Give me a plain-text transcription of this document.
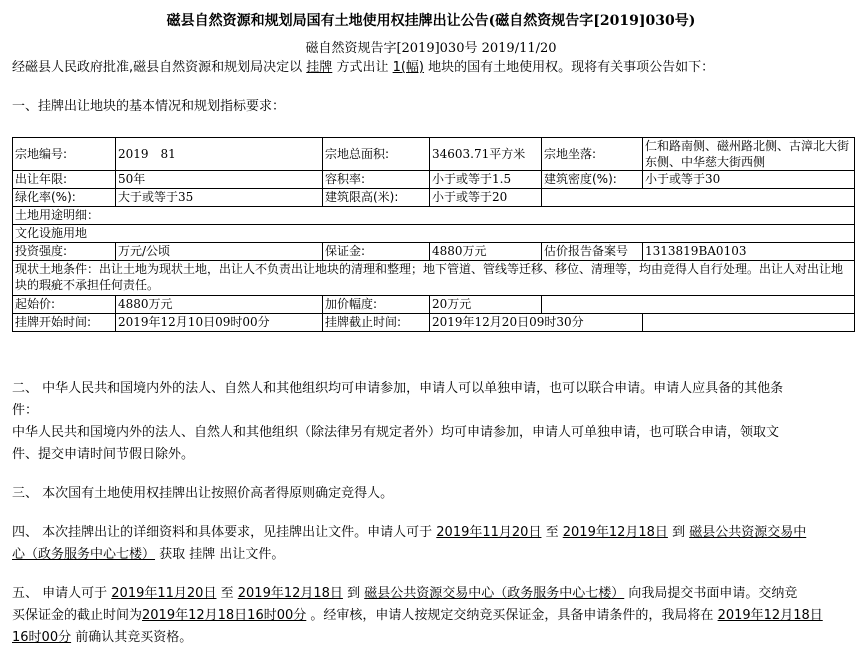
磁县自然资源和规划局国有土地使用权挂牌出让公告(磁自然资规告字[2019]030号)
磁自然资规告字[2019]030号 2019/11/20
经磁县人民政府批准,磁县自然资源和规划局决定以 挂牌 方式出让 1(幅) 地块的国有土地使用权。现将有关事项公告如下：
一、挂牌出让地块的基本情况和规划指标要求：
宗地编号:	2019　81	宗地总面积:	34603.71平方米	宗地坐落:	仁和路南侧、磁州路北侧、古漳北大街东侧、中华慈大街西侧
出让年限:	50年	容积率:	小于或等于1.5	建筑密度(%):	小于或等于30
绿化率(%):	大于或等于35	建筑限高(米):	小于或等于20		
土地用途明细：					
文化设施用地					
投资强度:	万元/公顷	保证金:	4880万元	估价报告备案号	1313819BA0103
现状土地条件：出让土地为现状土地，出让人不负责出让地块的清理和整理；地下管道、管线等迁移、移位、清理等，均由竞得人自行处理。出让人对出让地块的瑕疵不承担任何责任。					
起始价:	4880万元	加价幅度:	20万元		
挂牌开始时间:	2019年12月10日09时00分	挂牌截止时间:	2019年12月20日09时30分		
二、 中华人民共和国境内外的法人、自然人和其他组织均可申请参加，申请人可以单独申请，也可以联合申请。申请人应具备的其他条
件：
中华人民共和国境内外的法人、自然人和其他组织（除法律另有规定者外）均可申请参加，申请人可单独申请，也可联合申请，领取文
件、提交申请时间节假日除外。
三、 本次国有土地使用权挂牌出让按照价高者得原则确定竞得人。
四、 本次挂牌出让的详细资料和具体要求，见挂牌出让文件。申请人可于 2019年11月20日 至 2019年12月18日 到 磁县公共资源交易中
心（政务服务中心七楼） 获取 挂牌 出让文件。
五、 申请人可于 2019年11月20日 至 2019年12月18日 到 磁县公共资源交易中心（政务服务中心七楼） 向我局提交书面申请。交纳竞
买保证金的截止时间为2019年12月18日16时00分 。经审核，申请人按规定交纳竞买保证金，具备申请条件的，我局将在 2019年12月18日
16时00分 前确认其竞买资格。
